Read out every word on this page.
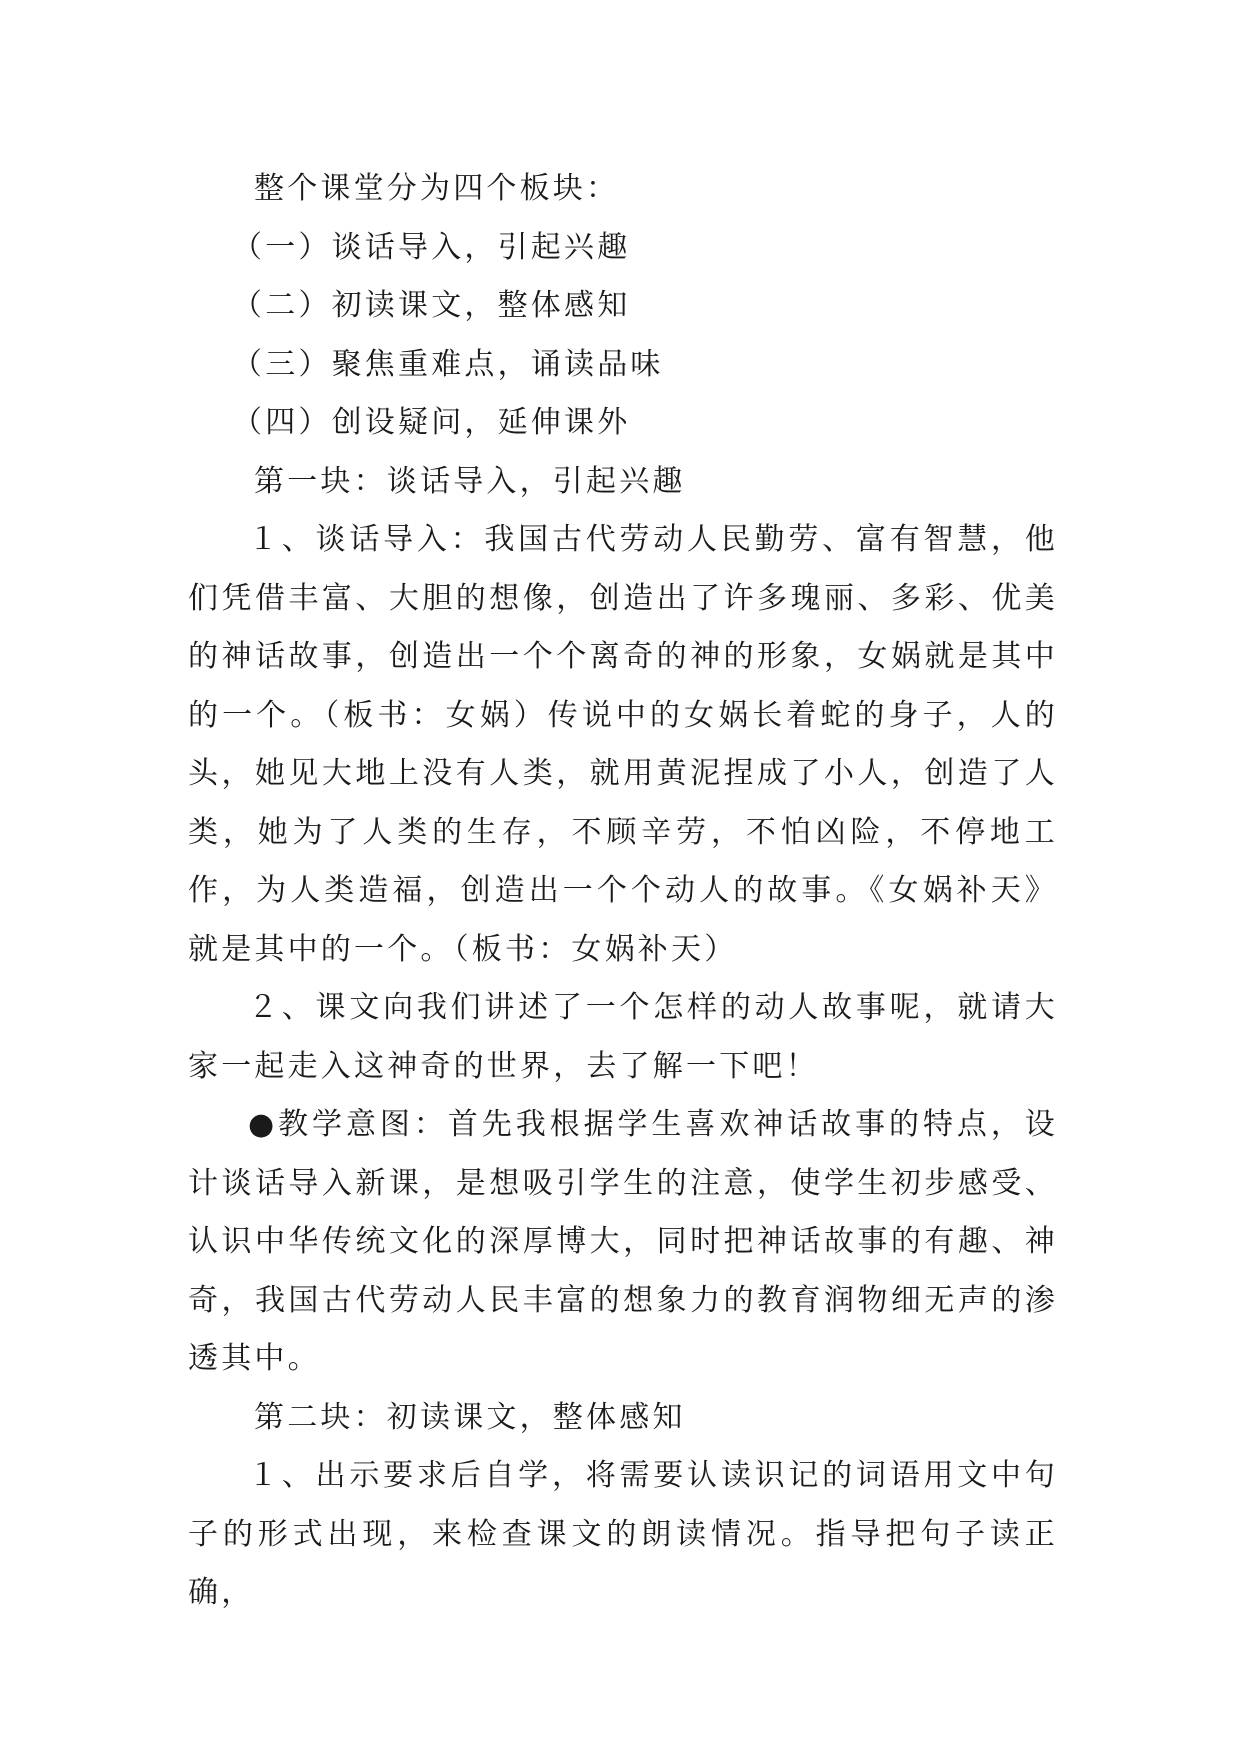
整个课堂分为四个板块：

（一）谈话导入，引起兴趣

（二）初读课文，整体感知

（三）聚焦重难点，诵读品味

（四）创设疑问，延伸课外

第一块：谈话导入，引起兴趣

１、谈话导入：我国古代劳动人民勤劳、富有智慧，他们凭借丰富、大胆的想像，创造出了许多瑰丽、多彩、优美的神话故事，创造出一个个离奇的神的形象，女娲就是其中的一个。（板书：女娲）传说中的女娲长着蛇的身子，人的头，她见大地上没有人类，就用黄泥捏成了小人，创造了人类，她为了人类的生存，不顾辛劳，不怕凶险，不停地工作，为人类造福，创造出一个个动人的故事。《女娲补天》就是其中的一个。（板书：女娲补天）

２、课文向我们讲述了一个怎样的动人故事呢，就请大家一起走入这神奇的世界，去了解一下吧！

●教学意图：首先我根据学生喜欢神话故事的特点，设计谈话导入新课，是想吸引学生的注意，使学生初步感受、认识中华传统文化的深厚博大，同时把神话故事的有趣、神奇，我国古代劳动人民丰富的想象力的教育润物细无声的渗透其中。

第二块：初读课文，整体感知

１、出示要求后自学，将需要认读识记的词语用文中句子的形式出现，来检查课文的朗读情况。指导把句子读正确，
